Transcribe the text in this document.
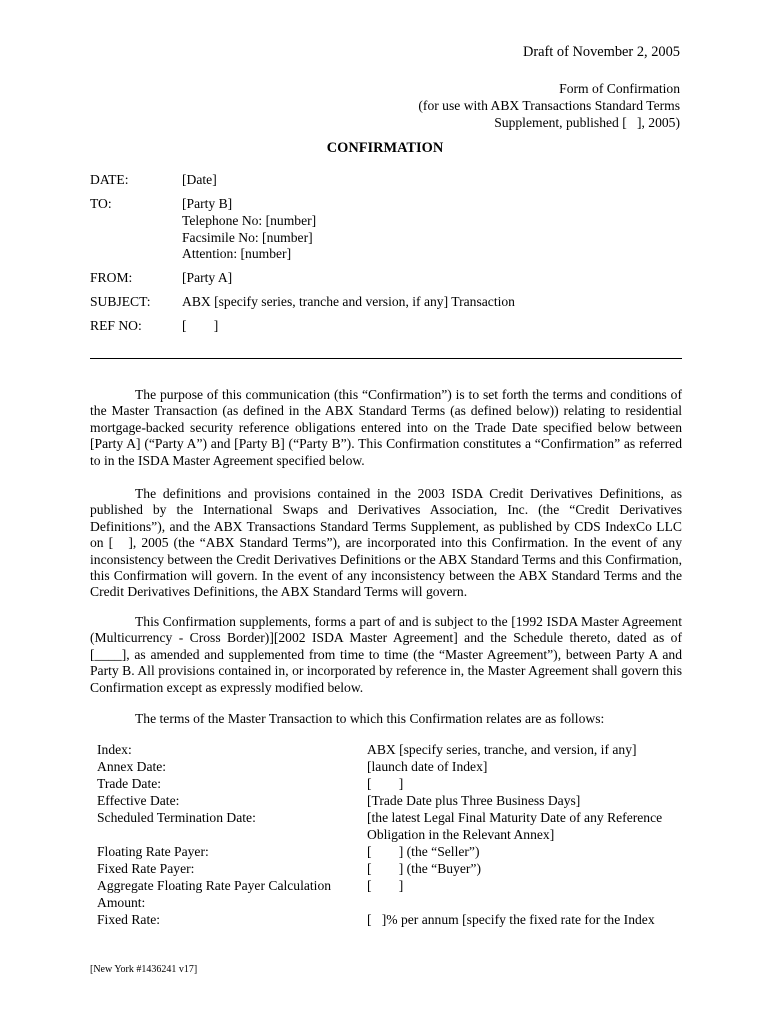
Draft of November 2, 2005
Form of Confirmation
(for use with ABX Transactions Standard Terms
Supplement, published [   ], 2005)
CONFIRMATION
DATE:	[Date]
TO:	[Party B]
Telephone No: [number]
Facsimile No: [number]
Attention: [number]
FROM:	[Party A]
SUBJECT: ABX [specify series, tranche and version, if any] Transaction
REF NO:	[        ]

The purpose of this communication (this “Confirmation”) is to set forth the terms and conditions of the Master Transaction (as defined in the ABX Standard Terms (as defined below)) relating to residential mortgage-backed security reference obligations entered into on the Trade Date specified below between [Party A] (“Party A”) and [Party B] (“Party B”). This Confirmation constitutes a “Confirmation” as referred to in the ISDA Master Agreement specified below.

The definitions and provisions contained in the 2003 ISDA Credit Derivatives Definitions, as published by the International Swaps and Derivatives Association, Inc. (the “Credit Derivatives Definitions”), and the ABX Transactions Standard Terms Supplement, as published by CDS IndexCo LLC on [   ], 2005 (the “ABX Standard Terms”), are incorporated into this Confirmation. In the event of any inconsistency between the Credit Derivatives Definitions or the ABX Standard Terms and this Confirmation, this Confirmation will govern. In the event of any inconsistency between the ABX Standard Terms and the Credit Derivatives Definitions, the ABX Standard Terms will govern.

This Confirmation supplements, forms a part of and is subject to the [1992 ISDA Master Agreement (Multicurrency - Cross Border)][2002 ISDA Master Agreement] and the Schedule thereto, dated as of [____], as amended and supplemented from time to time (the “Master Agreement”), between Party A and Party B. All provisions contained in, or incorporated by reference in, the Master Agreement shall govern this Confirmation except as expressly modified below.

The terms of the Master Transaction to which this Confirmation relates are as follows:

Index:	ABX [specify series, tranche, and version, if any]
Annex Date:	[launch date of Index]
Trade Date:	[        ]
Effective Date:	[Trade Date plus Three Business Days]
Scheduled Termination Date:	[the latest Legal Final Maturity Date of any Reference Obligation in the Relevant Annex]
Floating Rate Payer:	[        ] (the “Seller”)
Fixed Rate Payer:	[        ] (the “Buyer”)
Aggregate Floating Rate Payer Calculation Amount:
[        ]
Fixed Rate:	[   ]% per annum [specify the fixed rate for the Index
[New York #1436241 v17]
